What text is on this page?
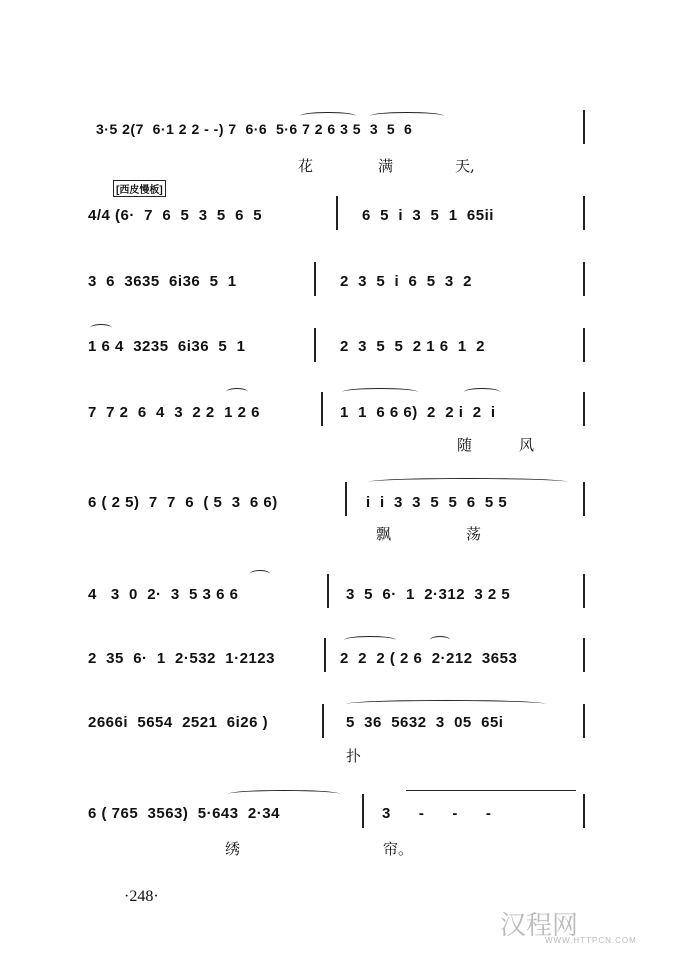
3·5 2(7  6·1 2 2 - -) 7  6·6  5·6 7 2 6 3 5  3  5  6
花	满	天,
[西皮慢板]
4/4 (6·  7  6  5  3  5  6  5	6  5  i  3  5  1  65ii
3  6  3635  6i36  5  1	2  3  5  i  6  5  3  2
1 6 4  3235  6i36  5  1	2  3  5  5  2 1 6  1  2
7  7 2  6  4  3  2 2  1 2 6	1  1  6 6 6)  2  2 i  2  i
随	风
6 ( 2 5)  7  7  6  ( 5  3  6 6)	i  i  3  3  5  5  6  5 5
飘	荡
4   3  0  2·  3  5 3 6 6	3  5  6·  1  2·312  3 2 5
2  35  6·  1  2·532  1·2123	2  2  2 ( 2 6  2·212  3653
2666i  5654  2521  6i26 )	5  36  5632  3  05  65i
扑
6 ( 765  3563)  5·643  2·34	3      -      -      -
绣	帘。
·248·
汉程网
WWW.HTTPCN.COM
